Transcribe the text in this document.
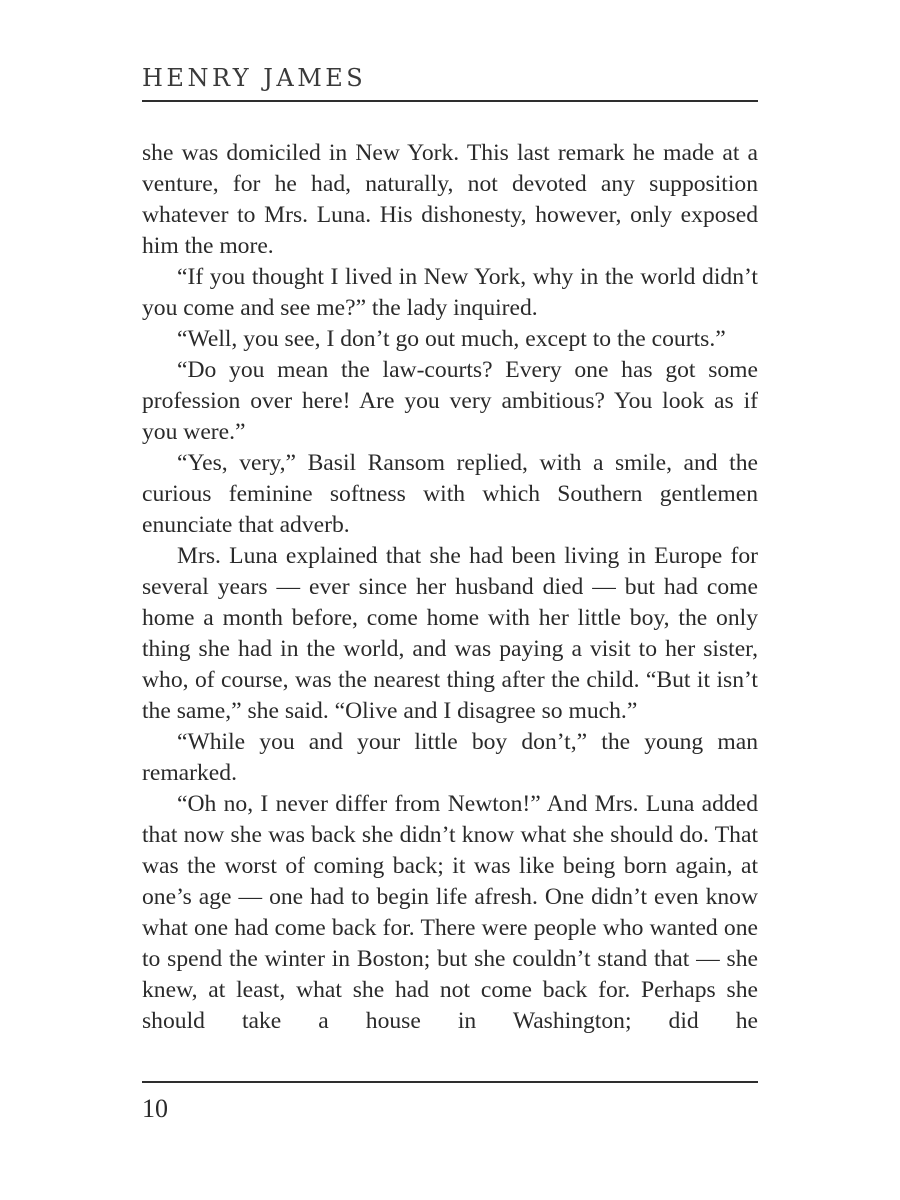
HENRY JAMES

she was domiciled in New York. This last remark he made at a venture, for he had, naturally, not devoted any supposition whatever to Mrs. Luna. His dishonesty, however, only exposed him the more.

“If you thought I lived in New York, why in the world didn’t you come and see me?” the lady inquired.

“Well, you see, I don’t go out much, except to the courts.”

“Do you mean the law-courts? Every one has got some profession over here! Are you very ambitious? You look as if you were.”

“Yes, very,” Basil Ransom replied, with a smile, and the curious feminine softness with which Southern gentlemen enunciate that adverb.

Mrs. Luna explained that she had been living in Europe for several years — ever since her husband died — but had come home a month before, come home with her little boy, the only thing she had in the world, and was paying a visit to her sister, who, of course, was the nearest thing after the child. “But it isn’t the same,” she said. “Olive and I disagree so much.”

“While you and your little boy don’t,” the young man remarked.

“Oh no, I never differ from Newton!” And Mrs. Luna added that now she was back she didn’t know what she should do. That was the worst of coming back; it was like being born again, at one’s age — one had to begin life afresh. One didn’t even know what one had come back for. There were people who wanted one to spend the winter in Boston; but she couldn’t stand that — she knew, at least, what she had not come back for. Perhaps she should take a house in Washington; did he

10
